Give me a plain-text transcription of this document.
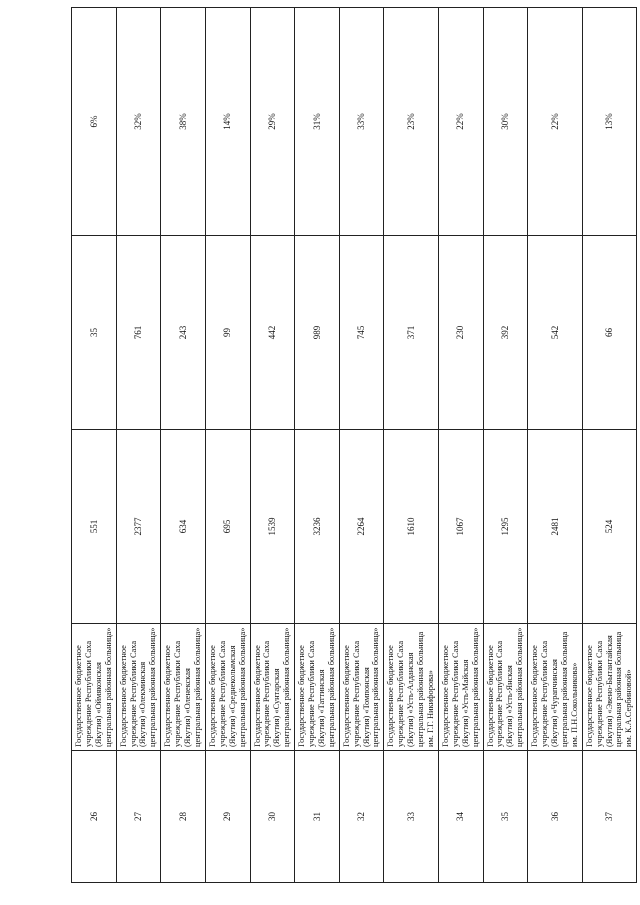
26	Государственное бюджетное учреждение Республики Саха (Якутия) «Оймяконская центральная районная больница»	551	35	6%
27	Государственное бюджетное учреждение Республики Саха (Якутия) «Олекминская центральная районная больница»	2377	761	32%
28	Государственное бюджетное учреждение Республики Саха (Якутия) «Оленекская центральная районная больница»	634	243	38%
29	Государственное бюджетное учреждение Республики Саха (Якутия) «Среднеколымская центральная районная больница»	695	99	14%
30	Государственное бюджетное учреждение Республики Саха (Якутия) «Сунтарская центральная районная больница»	1539	442	29%
31	Государственное бюджетное учреждение Республики Саха (Якутия) «Таттинская центральная районная больница»	3236	989	31%
32	Государственное бюджетное учреждение Республики Саха (Якутия) «Томпонская центральная районная больница»	2264	745	33%
33	Государственное бюджетное учреждение Республики Саха (Якутия) «Усть-Алданская центральная районная больница им. Г.Г. Никифорова»	1610	371	23%
34	Государственное бюджетное учреждение Республики Саха (Якутия) «Усть-Майская центральная районная больница»	1067	230	22%
35	Государственное бюджетное учреждение Республики Саха (Якутия) «Усть-Янская центральная районная больница»	1295	392	30%
36	Государственное бюджетное учреждение Республики Саха (Якутия) «Чурапчинская центральная районная больница им. П.Н.Сокольникова»	2481	542	22%
37	Государственное бюджетное учреждение Республики Саха (Якутия) «Эвено-Бытантайская центральная районная больница им. К.А.Сербиновой»	524	66	13%
